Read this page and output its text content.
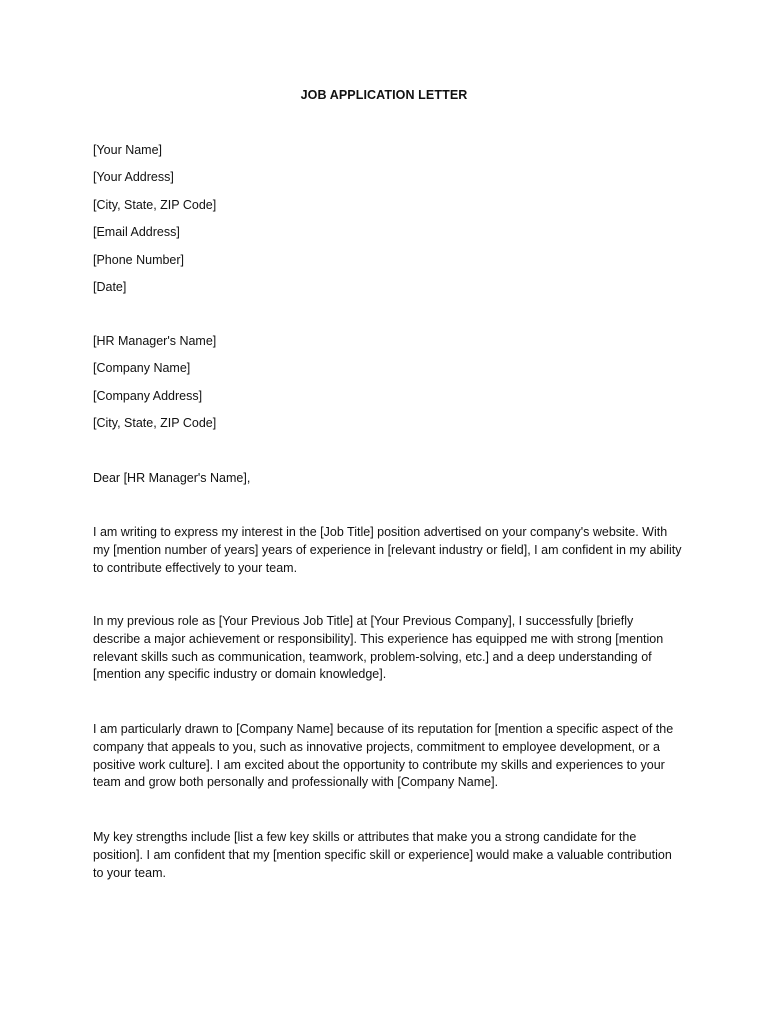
JOB APPLICATION LETTER
[Your Name]
[Your Address]
[City, State, ZIP Code]
[Email Address]
[Phone Number]
[Date]
[HR Manager's Name]
[Company Name]
[Company Address]
[City, State, ZIP Code]
Dear [HR Manager's Name],
I am writing to express my interest in the [Job Title] position advertised on your company's website. With my [mention number of years] years of experience in [relevant industry or field], I am confident in my ability to contribute effectively to your team.
In my previous role as [Your Previous Job Title] at [Your Previous Company], I successfully [briefly describe a major achievement or responsibility]. This experience has equipped me with strong [mention relevant skills such as communication, teamwork, problem-solving, etc.] and a deep understanding of [mention any specific industry or domain knowledge].
I am particularly drawn to [Company Name] because of its reputation for [mention a specific aspect of the company that appeals to you, such as innovative projects, commitment to employee development, or a positive work culture]. I am excited about the opportunity to contribute my skills and experiences to your team and grow both personally and professionally with [Company Name].
My key strengths include [list a few key skills or attributes that make you a strong candidate for the position]. I am confident that my [mention specific skill or experience] would make a valuable contribution to your team.
